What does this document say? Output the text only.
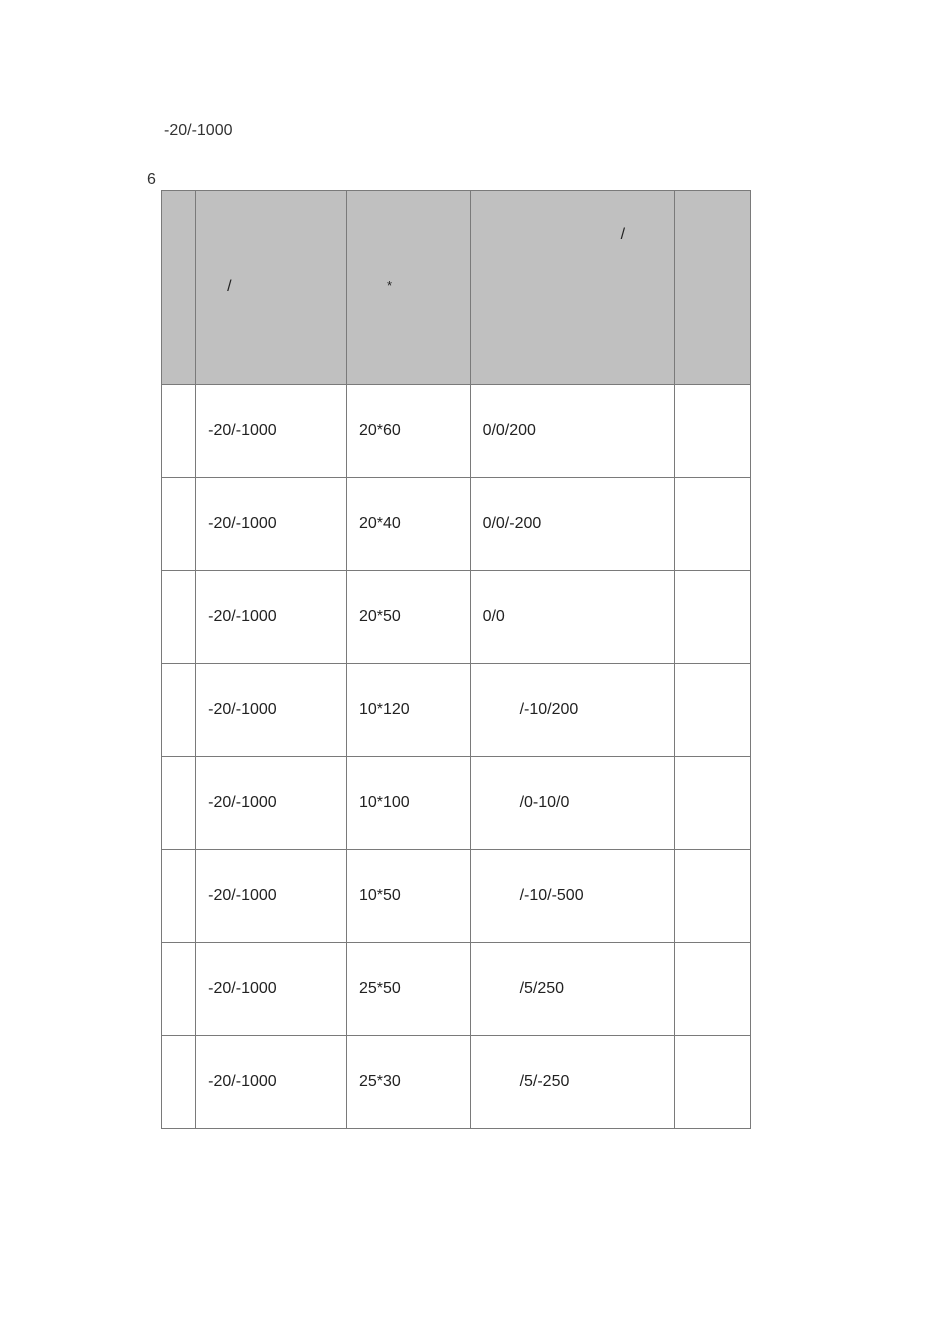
-20/-1000
6

	/	*	/	

	-20/-1000	20*60	0/0/200	
	-20/-1000	20*40	0/0/-200	
	-20/-1000	20*50	0/0	
	-20/-1000	10*120	/-10/200	
	-20/-1000	10*100	/0-10/0	
	-20/-1000	10*50	/-10/-500	
	-20/-1000	25*50	/5/250	
	-20/-1000	25*30	/5/-250	
